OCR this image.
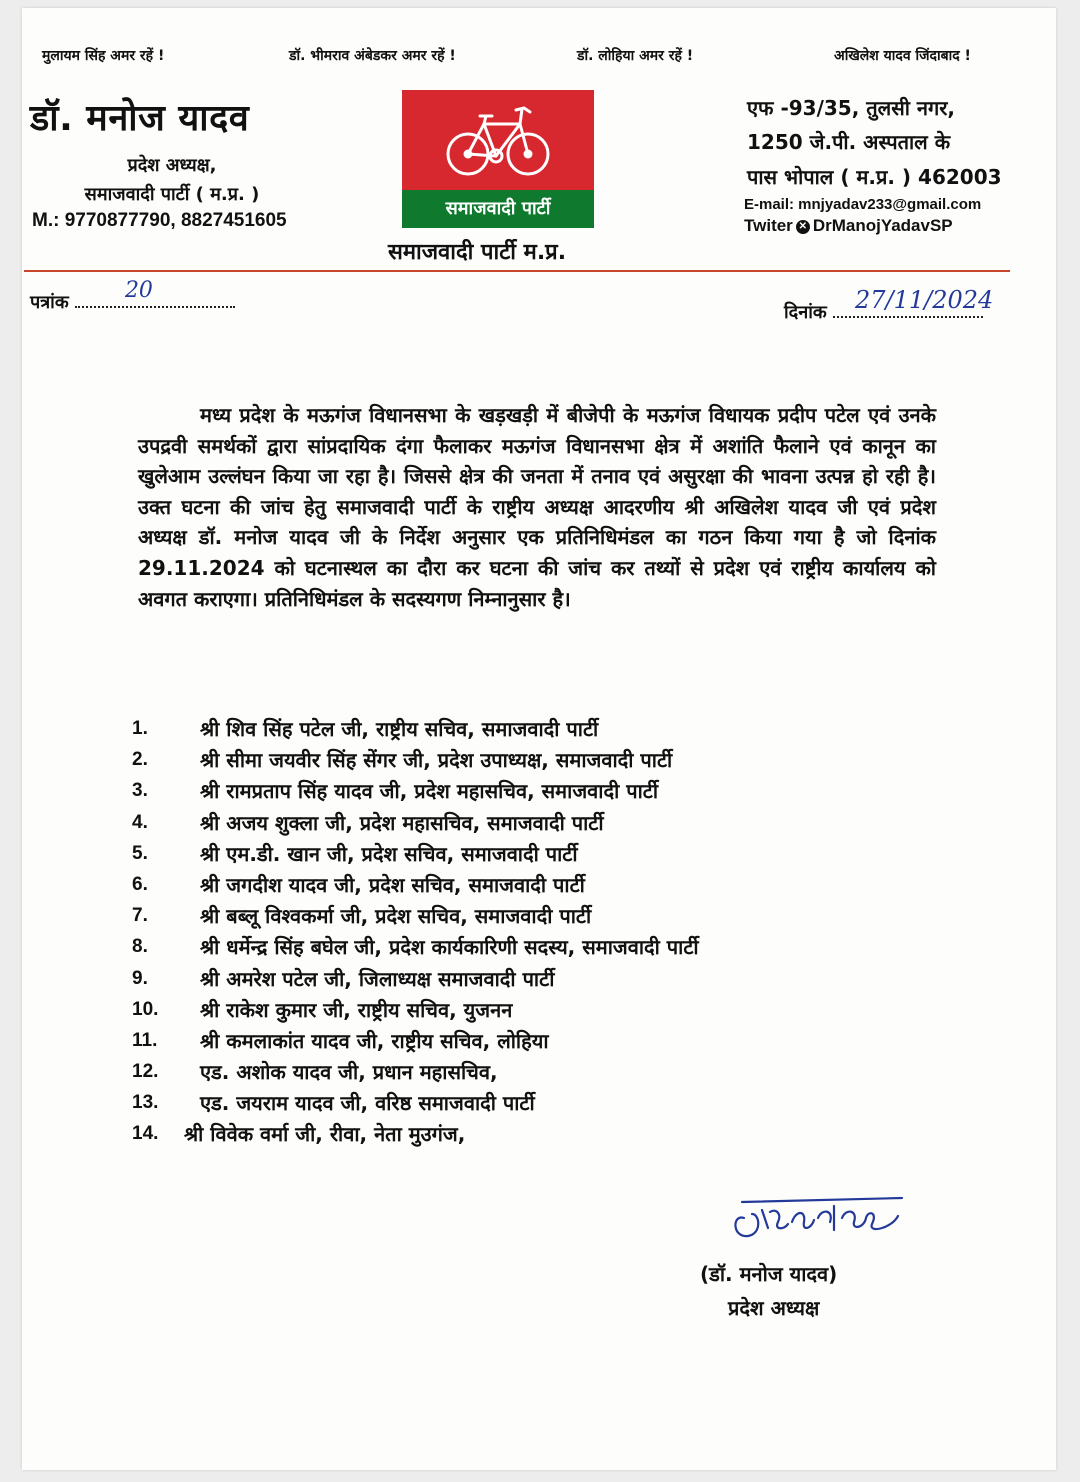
मुलायम सिंह अमर रहें !	डॉ. भीमराव अंबेडकर अमर रहें !	डॉ. लोहिया अमर रहें !	अखिलेश यादव जिंदाबाद !
डॉ. मनोज यादव
प्रदेश अध्यक्ष,
समाजवादी पार्टी ( म.प्र. )
M.: 9770877790, 8827451605
समाजवादी पार्टी
समाजवादी पार्टी म.प्र.
एफ -93/35, तुलसी नगर,
1250 जे.पी. अस्पताल के
पास भोपाल ( म.प्र. ) 462003
E-mail: mnjyadav233@gmail.com
Twiter ✕ DrManojYadavSP
पत्रांक	20
दिनांक 27/11/2024
मध्य प्रदेश के मऊगंज विधानसभा के खड़खड़ी में बीजेपी के मऊगंज विधायक प्रदीप पटेल एवं उनके उपद्रवी समर्थकों द्वारा सांप्रदायिक दंगा फैलाकर मऊगंज विधानसभा क्षेत्र में अशांति फैलाने एवं कानून का खुलेआम उल्लंघन किया जा रहा है। जिससे क्षेत्र की जनता में तनाव एवं असुरक्षा की भावना उत्पन्न हो रही है। उक्त घटना की जांच हेतु समाजवादी पार्टी के राष्ट्रीय अध्यक्ष आदरणीय श्री अखिलेश यादव जी एवं प्रदेश अध्यक्ष डॉ. मनोज यादव जी के निर्देश अनुसार एक प्रतिनिधिमंडल का गठन किया गया है जो दिनांक 29.11.2024 को घटनास्थल का दौरा कर घटना की जांच कर तथ्यों से प्रदेश एवं राष्ट्रीय कार्यालय को अवगत कराएगा। प्रतिनिधिमंडल के सदस्यगण निम्नानुसार है।
1.	श्री शिव सिंह पटेल जी, राष्ट्रीय सचिव, समाजवादी पार्टी
2.	श्री सीमा जयवीर सिंह सेंगर जी, प्रदेश उपाध्यक्ष, समाजवादी पार्टी
3.	श्री रामप्रताप सिंह यादव जी, प्रदेश महासचिव, समाजवादी पार्टी
4.	श्री अजय शुक्ला जी, प्रदेश महासचिव, समाजवादी पार्टी
5.	श्री एम.डी. खान जी, प्रदेश सचिव, समाजवादी पार्टी
6.	श्री जगदीश यादव जी, प्रदेश सचिव, समाजवादी पार्टी
7.	श्री बब्लू विश्वकर्मा जी, प्रदेश सचिव, समाजवादी पार्टी
8.	श्री धर्मेन्द्र सिंह बघेल जी, प्रदेश कार्यकारिणी सदस्य, समाजवादी पार्टी
9.	श्री अमरेश पटेल जी, जिलाध्यक्ष समाजवादी पार्टी
10. श्री राकेश कुमार जी, राष्ट्रीय सचिव, युजनन
11. श्री कमलाकांत यादव जी, राष्ट्रीय सचिव, लोहिया
12. एड. अशोक यादव जी, प्रधान महासचिव,
13. एड. जयराम यादव जी, वरिष्ठ समाजवादी पार्टी
14. श्री विवेक वर्मा जी, रीवा, नेता मुउगंज,
(डॉ. मनोज यादव)
प्रदेश अध्यक्ष
